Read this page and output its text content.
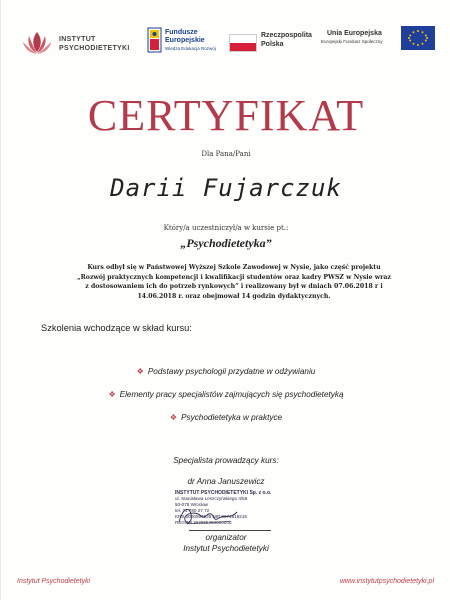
INSTYTUT
PSYCHODIETETYKI
Fundusze
Europejskie
Wiedza Edukacja Rozwój
Rzeczpospolita
Polska
Unia Europejska
Europejski Fundusz Społeczny
CERTYFIKAT
Dla Pana/Pani
Darii Fujarczuk
Który/a uczestniczył/a w kursie pt.:
„Psychodietetyka”
Kurs odbył się w Państwowej Wyższej Szkole Zawodowej w Nysie, jako część projektu „Rozwój praktycznych kompetencji i kwalifikacji studentów oraz kadry PWSZ w Nysie wraz z dostosowaniem ich do potrzeb rynkowych” i realizowany był w dniach 07.06.2018 r i 14.06.2018 r. oraz obejmował 14 godzin dydaktycznych.
Szkolenia wchodzące w skład kursu:
❖ Podstawy psychologii przydatne w odżywianiu
❖ Elementy pracy specjalistów zajmujących się psychodietetyką
❖ Psychodietetyka w praktyce
Specjalista prowadzący kurs:
dr Anna Januszewicz
INSTYTUT PSYCHODIETETYKI Sp. z o.o.
ul. Stanisława Leszczyńskiego 4/55
50-078 Wrocław
tel. 71 780 27 72
KRS 0000597935 NIP 8971819215
REGON 363655263000000
organizator
Instytut Psychodietetyki
Instytut Psychodietetyki	www.instytutpsychodietetyki.pl
